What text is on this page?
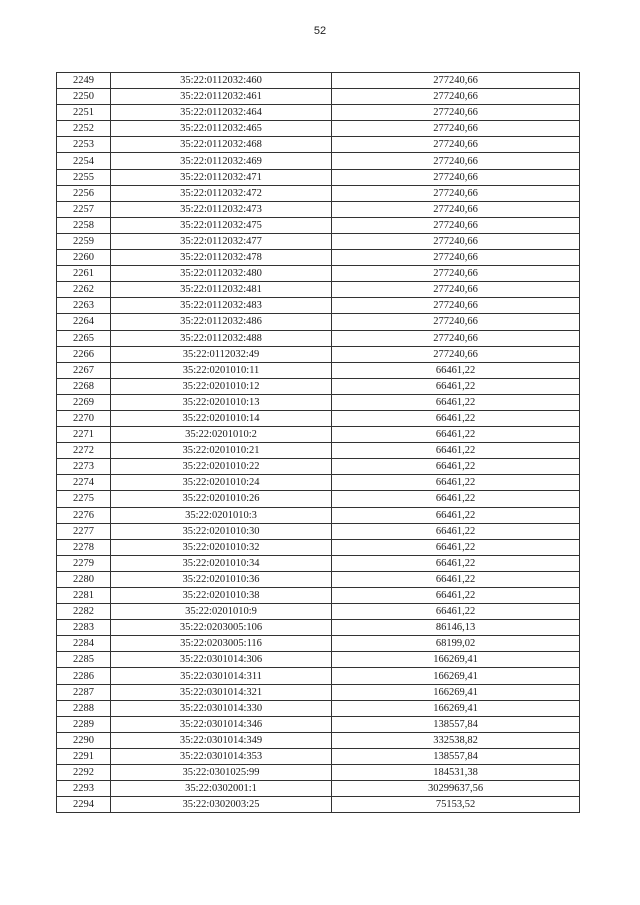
52
2249	35:22:0112032:460	277240,66
2250	35:22:0112032:461	277240,66
2251	35:22:0112032:464	277240,66
2252	35:22:0112032:465	277240,66
2253	35:22:0112032:468	277240,66
2254	35:22:0112032:469	277240,66
2255	35:22:0112032:471	277240,66
2256	35:22:0112032:472	277240,66
2257	35:22:0112032:473	277240,66
2258	35:22:0112032:475	277240,66
2259	35:22:0112032:477	277240,66
2260	35:22:0112032:478	277240,66
2261	35:22:0112032:480	277240,66
2262	35:22:0112032:481	277240,66
2263	35:22:0112032:483	277240,66
2264	35:22:0112032:486	277240,66
2265	35:22:0112032:488	277240,66
2266	35:22:0112032:49	277240,66
2267	35:22:0201010:11	66461,22
2268	35:22:0201010:12	66461,22
2269	35:22:0201010:13	66461,22
2270	35:22:0201010:14	66461,22
2271	35:22:0201010:2	66461,22
2272	35:22:0201010:21	66461,22
2273	35:22:0201010:22	66461,22
2274	35:22:0201010:24	66461,22
2275	35:22:0201010:26	66461,22
2276	35:22:0201010:3	66461,22
2277	35:22:0201010:30	66461,22
2278	35:22:0201010:32	66461,22
2279	35:22:0201010:34	66461,22
2280	35:22:0201010:36	66461,22
2281	35:22:0201010:38	66461,22
2282	35:22:0201010:9	66461,22
2283	35:22:0203005:106	86146,13
2284	35:22:0203005:116	68199,02
2285	35:22:0301014:306	166269,41
2286	35:22:0301014:311	166269,41
2287	35:22:0301014:321	166269,41
2288	35:22:0301014:330	166269,41
2289	35:22:0301014:346	138557,84
2290	35:22:0301014:349	332538,82
2291	35:22:0301014:353	138557,84
2292	35:22:0301025:99	184531,38
2293	35:22:0302001:1	30299637,56
2294	35:22:0302003:25	75153,52
